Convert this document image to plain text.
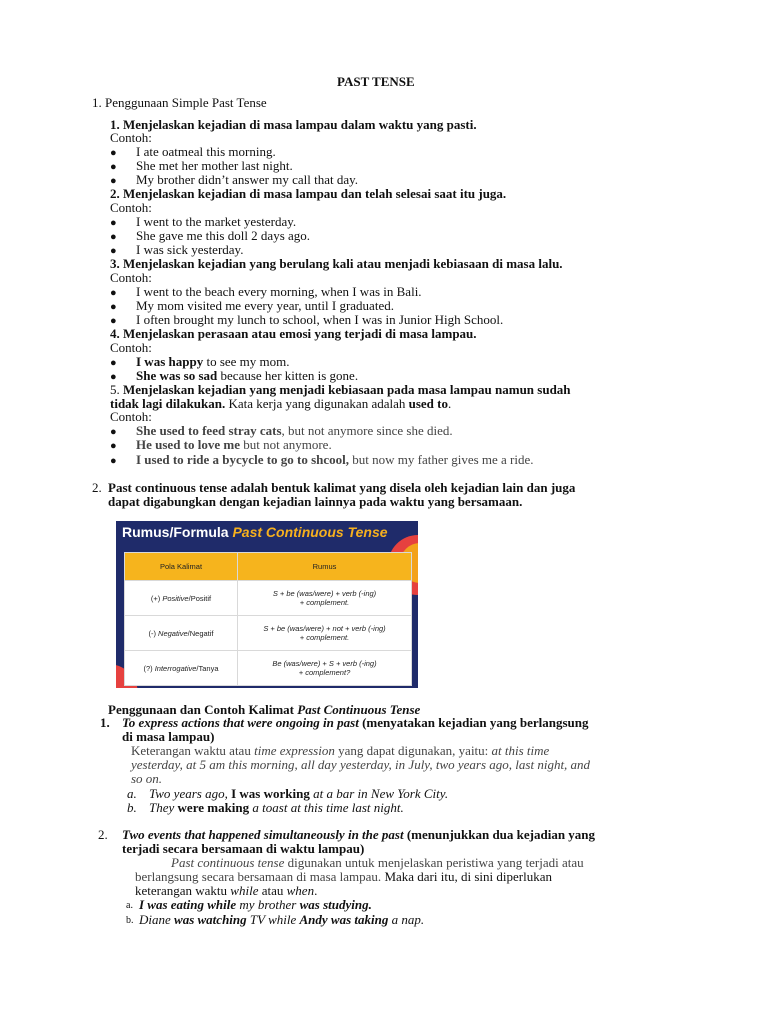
PAST TENSE
1. Penggunaan Simple Past Tense
1. Menjelaskan kejadian di masa lampau dalam waktu yang pasti.
Contoh:
● I ate oatmeal this morning.
● She met her mother last night.
● My brother didn’t answer my call that day.
2. Menjelaskan kejadian di masa lampau dan telah selesai saat itu juga.
Contoh:
● I went to the market yesterday.
● She gave me this doll 2 days ago.
● I was sick yesterday.
3. Menjelaskan kejadian yang berulang kali atau menjadi kebiasaan di masa lalu.
Contoh:
● I went to the beach every morning, when I was in Bali.
● My mom visited me every year, until I graduated.
● I often brought my lunch to school, when I was in Junior High School.
4. Menjelaskan perasaan atau emosi yang terjadi di masa lampau.
Contoh:
● I was happy to see my mom.
● She was so sad because her kitten is gone.
5. Menjelaskan kejadian yang menjadi kebiasaan pada masa lampau namun sudah
tidak lagi dilakukan. Kata kerja yang digunakan adalah used to.
Contoh:
● She used to feed stray cats, but not anymore since she died.
● He used to love me but not anymore.
● I used to ride a bycycle to go to shcool, but now my father gives me a ride.
2. Past continuous tense adalah bentuk kalimat yang disela oleh kejadian lain dan juga
dapat digabungkan dengan kejadian lainnya pada waktu yang bersamaan.
Rumus/Formula Past Continuous Tense
Pola Kalimat	Rumus
(+) Positive/Positif	S + be (was/were) + verb (-ing)
+ complement.
(-) Negative/Negatif	S + be (was/were) + not + verb (-ing)
+ complement.
(?) Interrogative/Tanya	Be (was/were) + S + verb (-ing)
+ complement?
Penggunaan dan Contoh Kalimat Past Continuous Tense
1. To express actions that were ongoing in past (menyatakan kejadian yang berlangsung
di masa lampau)
Keterangan waktu atau time expression yang dapat digunakan, yaitu: at this time
yesterday, at 5 am this morning, all day yesterday, in July, two years ago, last night, and
so on.
a. Two years ago, I was working at a bar in New York City.
b. They were making a toast at this time last night.
2. Two events that happened simultaneously in the past (menunjukkan dua kejadian yang
terjadi secara bersamaan di waktu lampau)
Past continuous tense digunakan untuk menjelaskan peristiwa yang terjadi atau
berlangsung secara bersamaan di masa lampau. Maka dari itu, di sini diperlukan
keterangan waktu while atau when.
a. I was eating while my brother was studying.
b. Diane was watching TV while Andy was taking a nap.
